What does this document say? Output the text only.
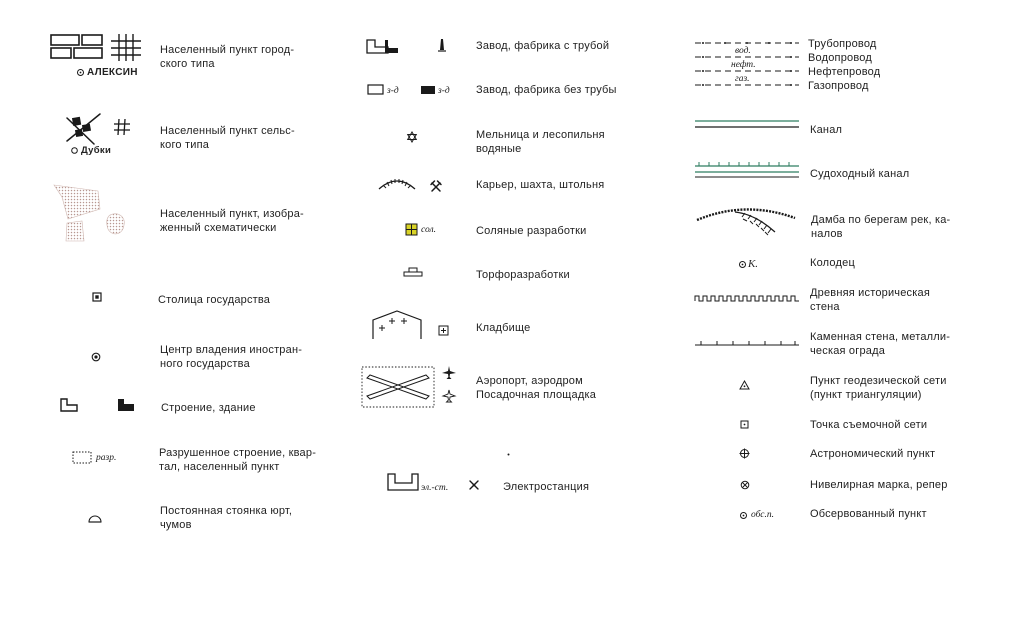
АЛЕКСИН
Населенный пункт город-
ского типа
Дубки
Населенный пункт сельс-
кого типа
Населенный пункт, изобра-
женный схематически
Столица государства
Центр владения иностран-
ного государства
Строение, здание
разр.	Разрушенное строение, квар-
тал, населенный пункт
Постоянная стоянка юрт,
чумов
Завод, фабрика с трубой
з-д	з-д Завод, фабрика без трубы
Мельница и лесопильня
водяные
Карьер, шахта, штольня
сол.	Соляные разработки
Торфоразработки
Кладбище
Аэропорт, аэродром
Посадочная площадка
эл.-ст.	Электростанция
вод.
нефт.
газ.
Трубопровод
Водопровод
Нефтепровод
Газопровод
Канал
Судоходный канал
Дамба по берегам рек, ка-
налов
К.	Колодец
Древняя историческая
стена
Каменная стена, металли-
ческая ограда
Пункт геодезической сети
(пункт триангуляции)
Точка съемочной сети
Астрономический пункт
Нивелирная марка, репер
обс.п.	Обсервованный пункт
